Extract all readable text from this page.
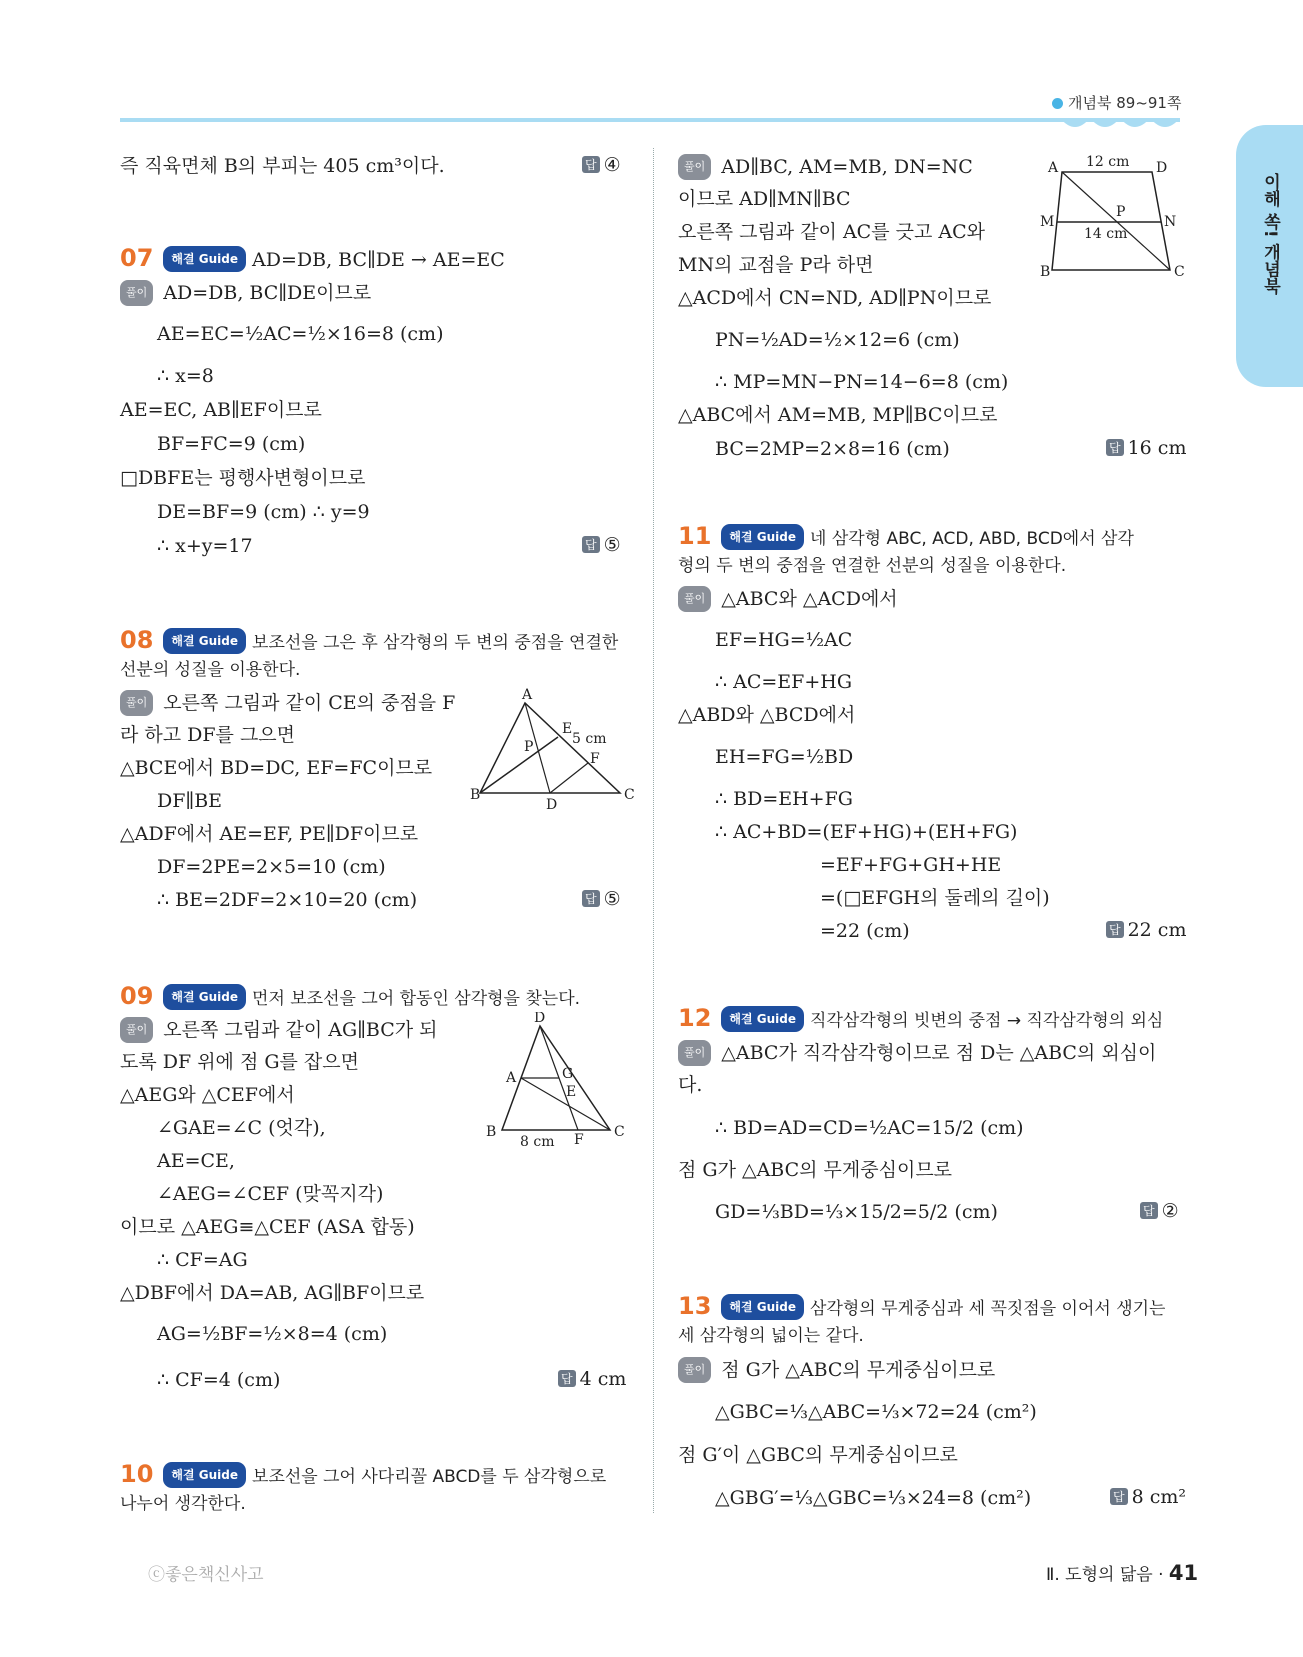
개념북 89~91쪽
이해 쏙! 개념북
즉 직육면체 B의 부피는 405 cm³이다.	답 ④
07 해결 Guide AD=DB, BC∥DE → AE=EC
풀이 AD=DB, BC∥DE이므로
AE=EC=½AC=½×16=8 (cm)
∴ x=8
AE=EC, AB∥EF이므로
BF=FC=9 (cm)
□DBFE는 평행사변형이므로
DE=BF=9 (cm) ∴ y=9
∴ x+y=17	답 ⑤
08 해결 Guide 보조선을 그은 후 삼각형의 두 변의 중점을 연결한
선분의 성질을 이용한다.
풀이 오른쪽 그림과 같이 CE의 중점을 F
라 하고 DF를 그으면
△BCE에서 BD=DC, EF=FC이므로
DF∥BE
△ADF에서 AE=EF, PE∥DF이므로
DF=2PE=2×5=10 (cm)
∴ BE=2DF=2×10=20 (cm)	답 ⑤
A
B	C
D
E
F
P	5 cm
09 해결 Guide 먼저 보조선을 그어 합동인 삼각형을 찾는다.
풀이 오른쪽 그림과 같이 AG∥BC가 되
도록 DF 위에 점 G를 잡으면
△AEG와 △CEF에서
∠GAE=∠C (엇각),
AE=CE,
∠AEG=∠CEF (맞꼭지각)
이므로 △AEG≡△CEF (ASA 합동)
∴ CF=AG
△DBF에서 DA=AB, AG∥BF이므로
AG=½BF=½×8=4 (cm)
∴ CF=4 (cm)	답 4 cm
D
A
B	C
G
E
F
8 cm
10 해결 Guide 보조선을 그어 사다리꼴 ABCD를 두 삼각형으로
나누어 생각한다.
풀이 AD∥BC, AM=MB, DN=NC
이므로 AD∥MN∥BC
오른쪽 그림과 같이 AC를 긋고 AC와
MN의 교점을 P라 하면
△ACD에서 CN=ND, AD∥PN이므로
PN=½AD=½×12=6 (cm)
∴ MP=MN−PN=14−6=8 (cm)
△ABC에서 AM=MB, MP∥BC이므로
BC=2MP=2×8=16 (cm)	답 16 cm
A	D
M	N
P
B	C
12 cm
14 cm
11 해결 Guide 네 삼각형 ABC, ACD, ABD, BCD에서 삼각
형의 두 변의 중점을 연결한 선분의 성질을 이용한다.
풀이 △ABC와 △ACD에서
EF=HG=½AC
∴ AC=EF+HG
△ABD와 △BCD에서
EH=FG=½BD
∴ BD=EH+FG
∴ AC+BD=(EF+HG)+(EH+FG)
=EF+FG+GH+HE
=(□EFGH의 둘레의 길이)
=22 (cm)	답 22 cm
12 해결 Guide 직각삼각형의 빗변의 중점 → 직각삼각형의 외심
풀이 △ABC가 직각삼각형이므로 점 D는 △ABC의 외심이
다.
∴ BD=AD=CD=½AC=15/2 (cm)
점 G가 △ABC의 무게중심이므로
GD=⅓BD=⅓×15/2=5/2 (cm)	답 ②
13 해결 Guide 삼각형의 무게중심과 세 꼭짓점을 이어서 생기는
세 삼각형의 넓이는 같다.
풀이 점 G가 △ABC의 무게중심이므로
△GBC=⅓△ABC=⅓×72=24 (cm²)
점 G′이 △GBC의 무게중심이므로
△GBG′=⅓△GBC=⅓×24=8 (cm²)	답 8 cm²
ⓒ좋은책신사고	Ⅱ. 도형의 닮음 · 41
